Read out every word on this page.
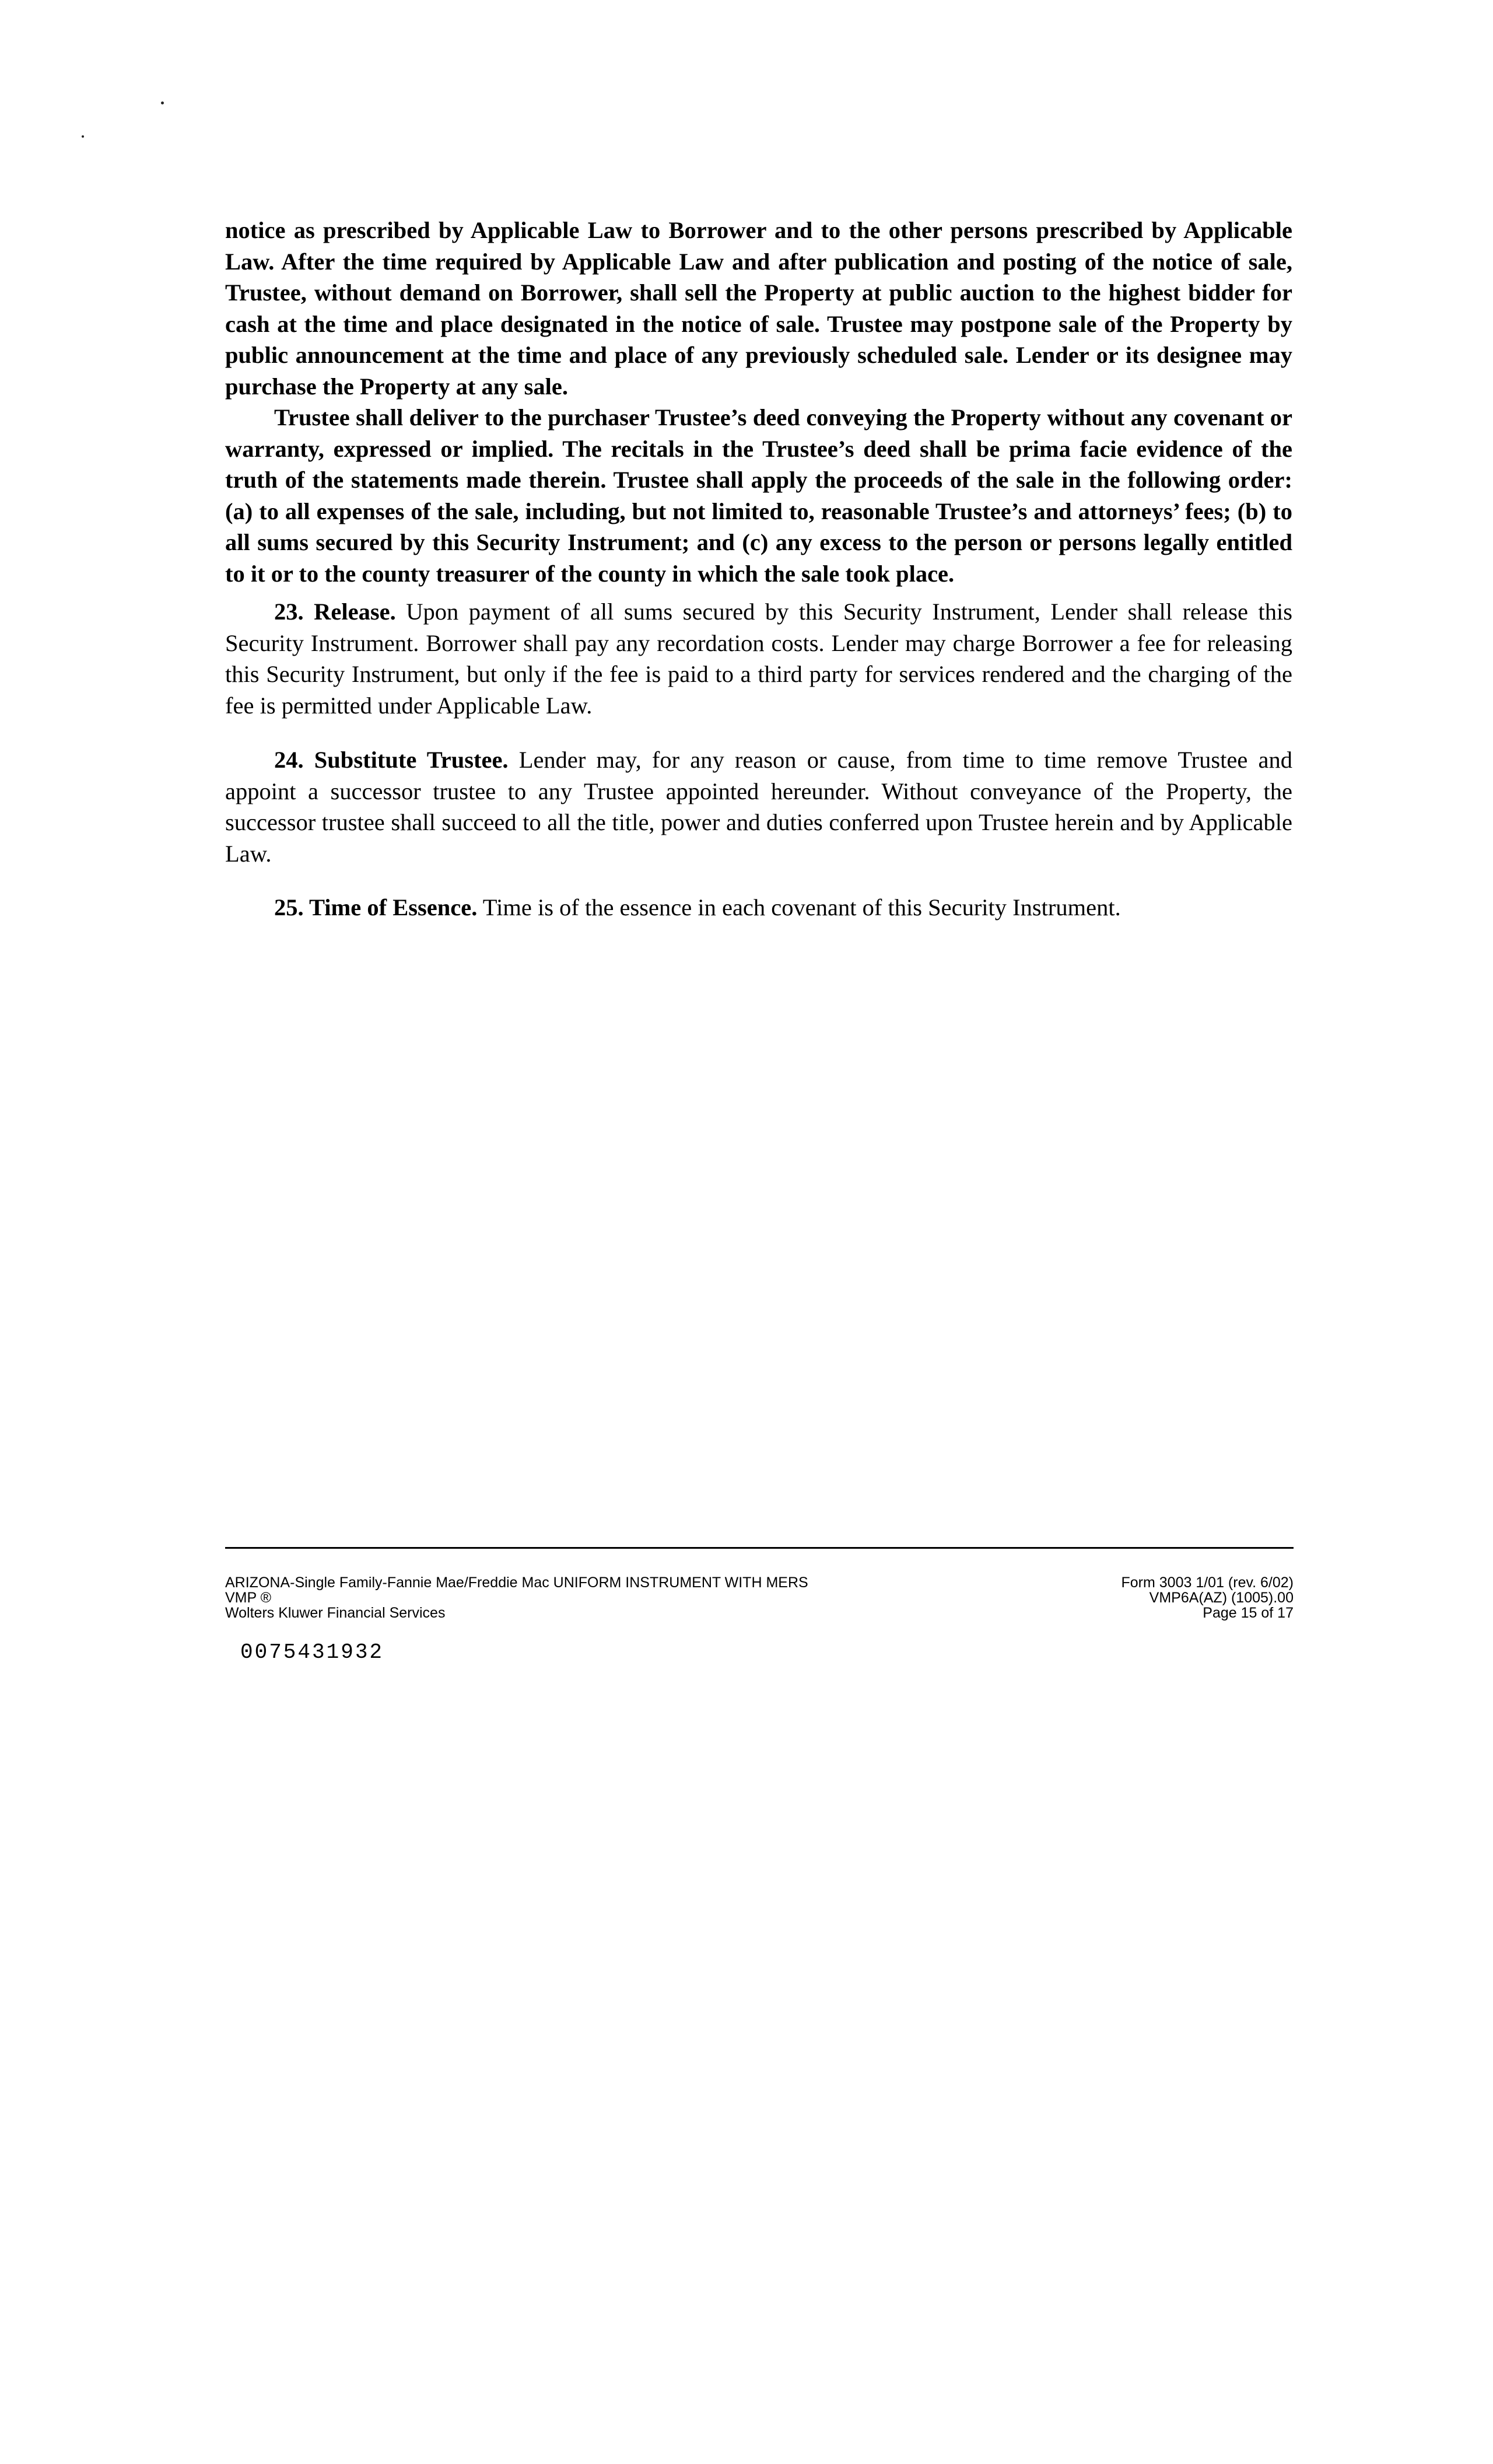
notice as prescribed by Applicable Law to Borrower and to the other persons prescribed by Applicable Law. After the time required by Applicable Law and after publication and posting of the notice of sale, Trustee, without demand on Borrower, shall sell the Property at public auction to the highest bidder for cash at the time and place designated in the notice of sale. Trustee may postpone sale of the Property by public announcement at the time and place of any previously scheduled sale. Lender or its designee may purchase the Property at any sale.

Trustee shall deliver to the purchaser Trustee’s deed conveying the Property without any covenant or warranty, expressed or implied. The recitals in the Trustee’s deed shall be prima facie evidence of the truth of the statements made therein. Trustee shall apply the proceeds of the sale in the following order: (a) to all expenses of the sale, including, but not limited to, reasonable Trustee’s and attorneys’ fees; (b) to all sums secured by this Security Instrument; and (c) any excess to the person or persons legally entitled to it or to the county treasurer of the county in which the sale took place.

23. Release. Upon payment of all sums secured by this Security Instrument, Lender shall release this Security Instrument. Borrower shall pay any recordation costs. Lender may charge Borrower a fee for releasing this Security Instrument, but only if the fee is paid to a third party for services rendered and the charging of the fee is permitted under Applicable Law.

24. Substitute Trustee. Lender may, for any reason or cause, from time to time remove Trustee and appoint a successor trustee to any Trustee appointed hereunder. Without conveyance of the Property, the successor trustee shall succeed to all the title, power and duties conferred upon Trustee herein and by Applicable Law.

25. Time of Essence. Time is of the essence in each covenant of this Security Instrument.

ARIZONA-Single Family-Fannie Mae/Freddie Mac UNIFORM INSTRUMENT WITH MERS
VMP ®
Wolters Kluwer Financial Services
Form 3003 1/01 (rev. 6/02)
VMP6A(AZ) (1005).00
Page 15 of 17
0075431932
